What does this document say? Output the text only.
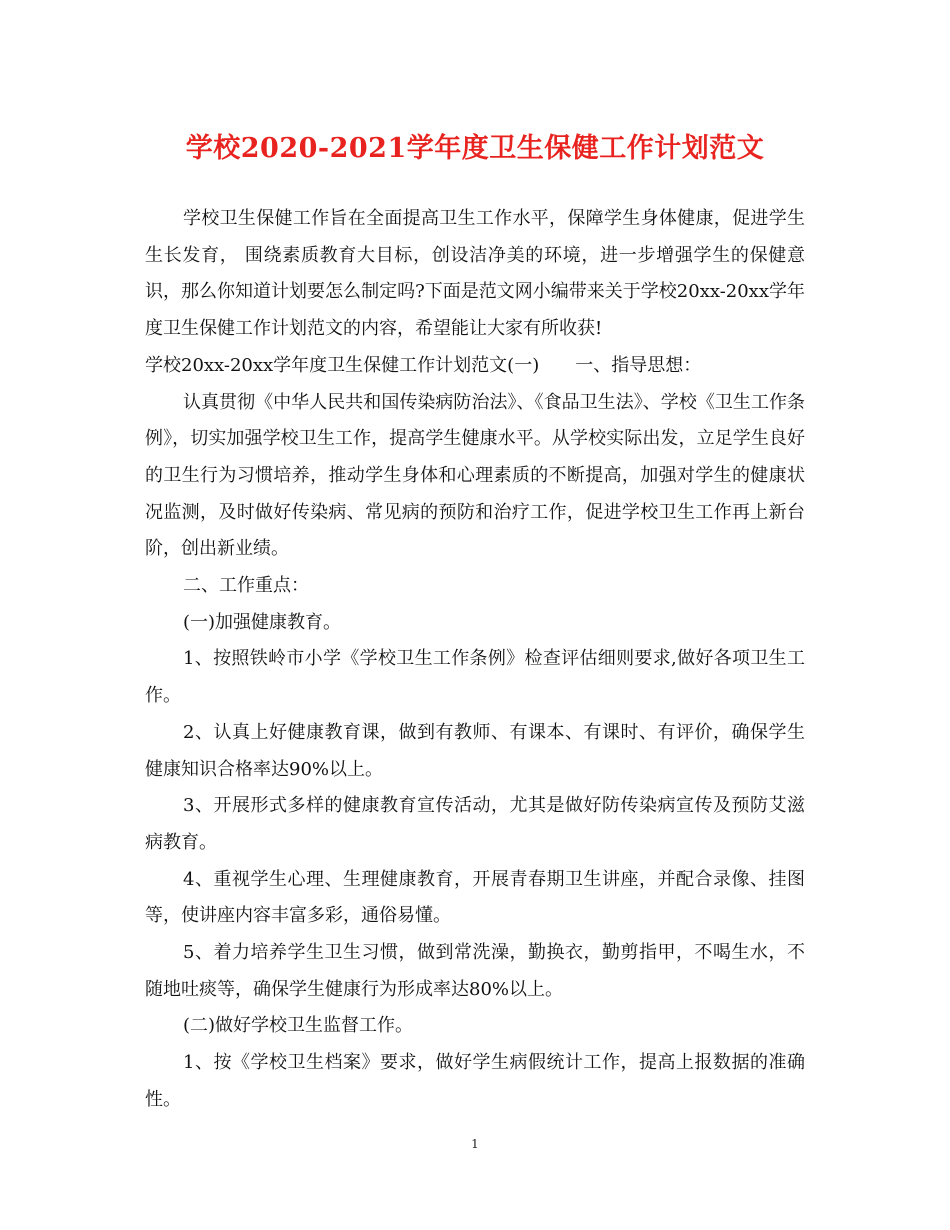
学校2020-2021学年度卫生保健工作计划范文

学校卫生保健工作旨在全面提高卫生工作水平，保障学生身体健康，促进学生生长发育， 围绕素质教育大目标，创设洁净美的环境，进一步增强学生的保健意识，那么你知道计划要怎么制定吗?下面是范文网小编带来关于学校20xx-20xx学年度卫生保健工作计划范文的内容，希望能让大家有所收获!

学校20xx-20xx学年度卫生保健工作计划范文(一)　　一、指导思想：

认真贯彻《中华人民共和国传染病防治法》、《食品卫生法》、学校《卫生工作条例》，切实加强学校卫生工作，提高学生健康水平。从学校实际出发，立足学生良好的卫生行为习惯培养，推动学生身体和心理素质的不断提高，加强对学生的健康状况监测，及时做好传染病、常见病的预防和治疗工作，促进学校卫生工作再上新台阶，创出新业绩。

二、工作重点：

(一)加强健康教育。

1、按照铁岭市小学《学校卫生工作条例》检查评估细则要求,做好各项卫生工作。

2、认真上好健康教育课，做到有教师、有课本、有课时、有评价，确保学生健康知识合格率达90%以上。

3、开展形式多样的健康教育宣传活动，尤其是做好防传染病宣传及预防艾滋病教育。

4、重视学生心理、生理健康教育，开展青春期卫生讲座，并配合录像、挂图等，使讲座内容丰富多彩，通俗易懂。

5、着力培养学生卫生习惯，做到常洗澡，勤换衣，勤剪指甲，不喝生水，不随地吐痰等，确保学生健康行为形成率达80%以上。

(二)做好学校卫生监督工作。

1、按《学校卫生档案》要求，做好学生病假统计工作，提高上报数据的准确性。

1
